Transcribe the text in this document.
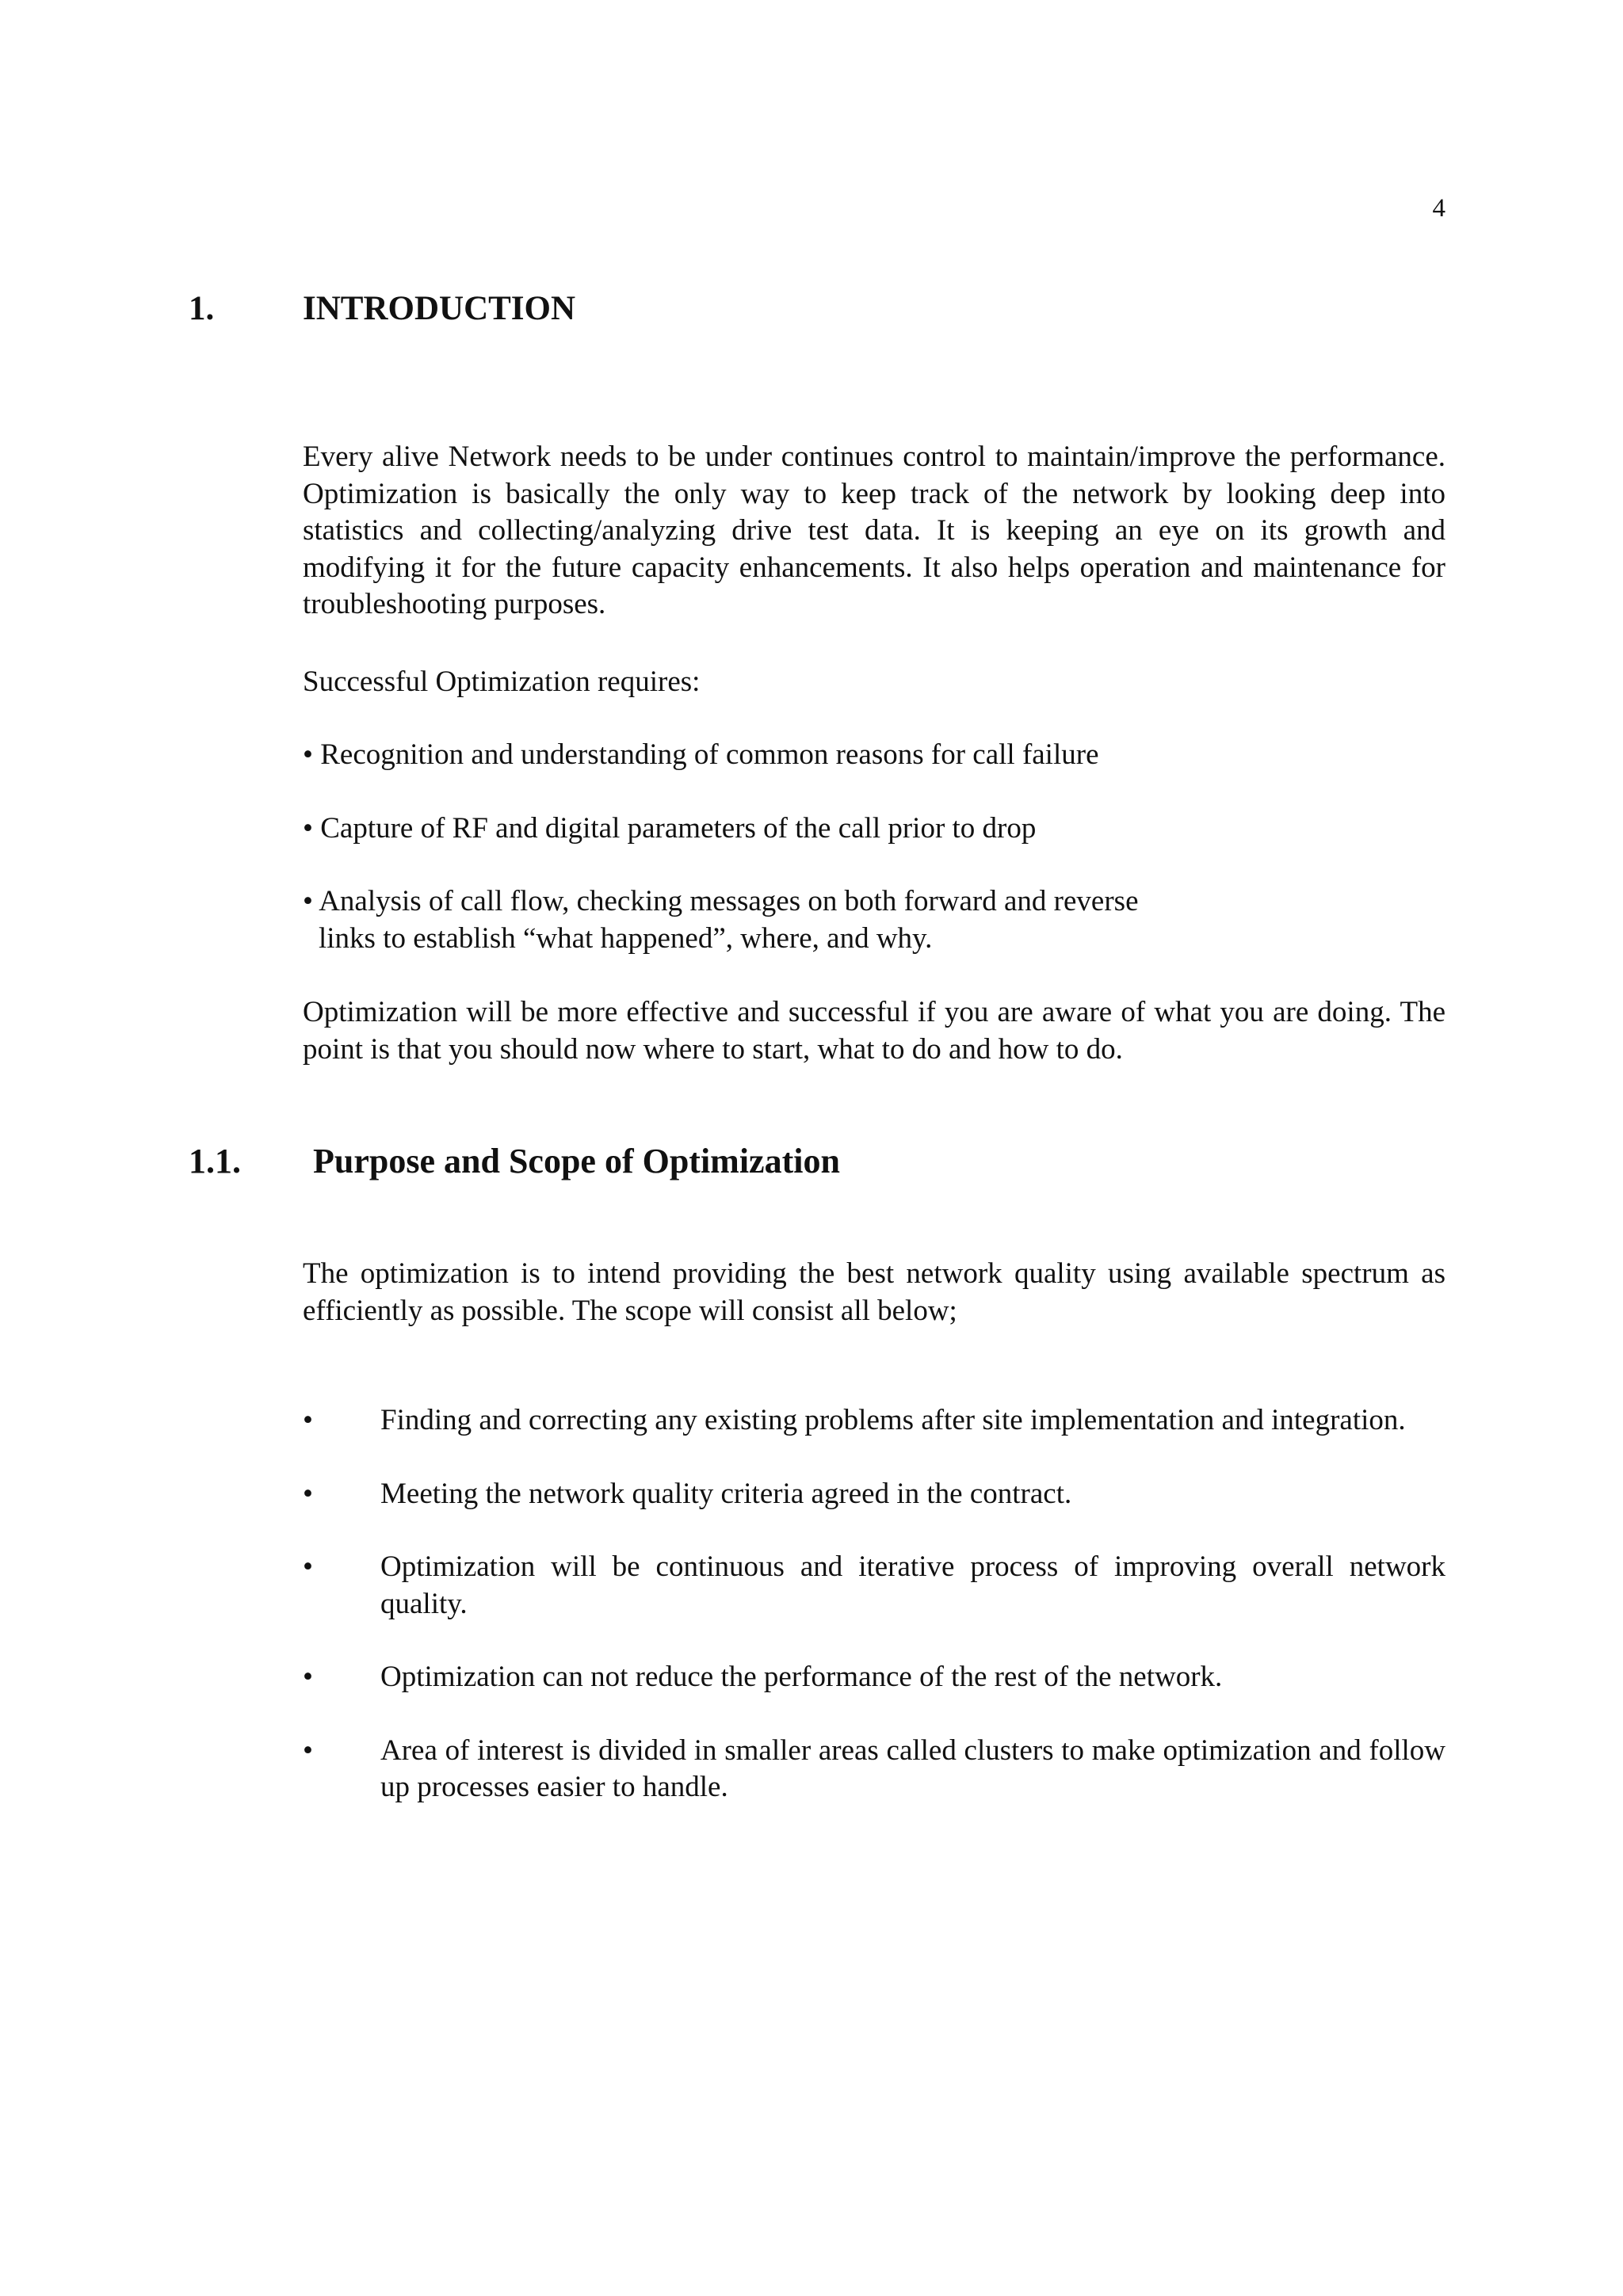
4
1.	INTRODUCTION

Every alive Network needs to be under continues control to maintain/improve the performance. Optimization is basically the only way to keep track of the network by looking deep into statistics and collecting/analyzing drive test data. It is keeping an eye on its growth and modifying it for the future capacity enhancements. It also helps operation and maintenance for troubleshooting purposes.

Successful Optimization requires:

• Recognition and understanding of common reasons for call failure
• Capture of RF and digital parameters of the call prior to drop
• Analysis of call flow, checking messages on both forward and reverse
links to establish “what happened”, where, and why.

Optimization will be more effective and successful if you are aware of what you are doing. The point is that you should now where to start, what to do and how to do.

1.1. Purpose and Scope of Optimization

The optimization is to intend providing the best network quality using available spectrum as efficiently as possible. The scope will consist all below;

• Finding and correcting any existing problems after site implementation and integration.
• Meeting the network quality criteria agreed in the contract.
• Optimization will be continuous and iterative process of improving overall network quality.
• Optimization can not reduce the performance of the rest of the network.
• Area of interest is divided in smaller areas called clusters to make optimization and follow up processes easier to handle.
